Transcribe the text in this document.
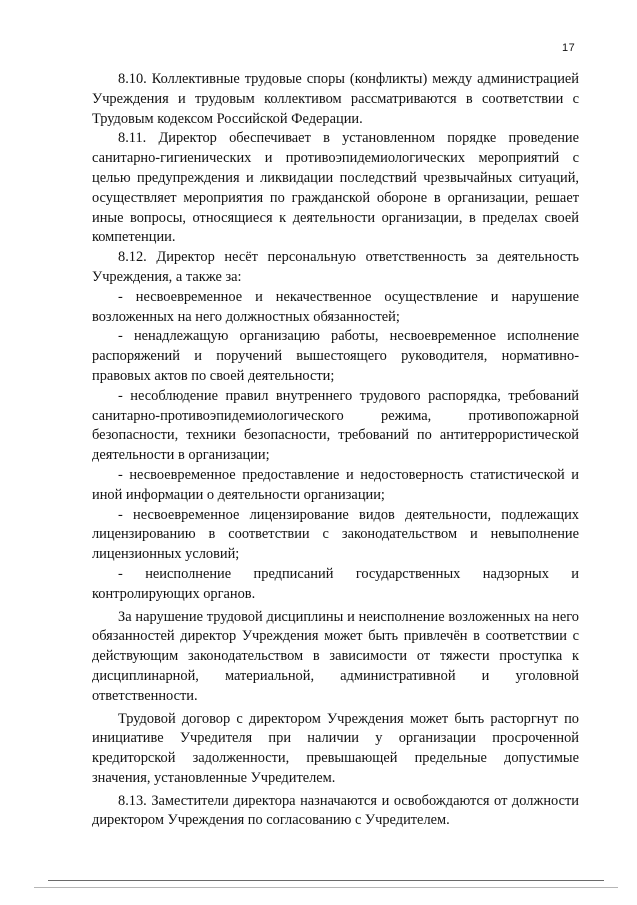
17

8.10. Коллективные трудовые споры (конфликты) между администрацией Учреждения и трудовым коллективом рассматриваются в соответствии с Трудовым кодексом Российской Федерации.

8.11. Директор обеспечивает в установленном порядке проведение санитарно-гигиенических и противоэпидемиологических мероприятий с целью предупреждения и ликвидации последствий чрезвычайных ситуаций, осуществляет мероприятия по гражданской обороне в организации, решает иные вопросы, относящиеся к деятельности организации, в пределах своей компетенции.

8.12. Директор несёт персональную ответственность за деятельность Учреждения, а также за:

- несвоевременное и некачественное осуществление и нарушение возложенных на него должностных обязанностей;

- ненадлежащую организацию работы, несвоевременное исполнение распоряжений и поручений вышестоящего руководителя, нормативно-правовых актов по своей деятельности;

- несоблюдение правил внутреннего трудового распорядка, требований санитарно-противоэпидемиологического режима, противопожарной безопасности, техники безопасности, требований по антитеррористической деятельности в организации;

- несвоевременное предоставление и недостоверность статистической и иной информации о деятельности организации;

- несвоевременное лицензирование видов деятельности, подлежащих лицензированию в соответствии с законодательством и невыполнение лицензионных условий;

- неисполнение предписаний государственных надзорных и контролирующих органов.

За нарушение трудовой дисциплины и неисполнение возложенных на него обязанностей директор Учреждения может быть привлечён в соответствии с действующим законодательством в зависимости от тяжести проступка к дисциплинарной, материальной, административной и уголовной ответственности.

Трудовой договор с директором Учреждения может быть расторгнут по инициативе Учредителя при наличии у организации просроченной кредиторской задолженности, превышающей предельные допустимые значения, установленные Учредителем.

8.13. Заместители директора назначаются и освобождаются от должности директором Учреждения по согласованию с Учредителем.
